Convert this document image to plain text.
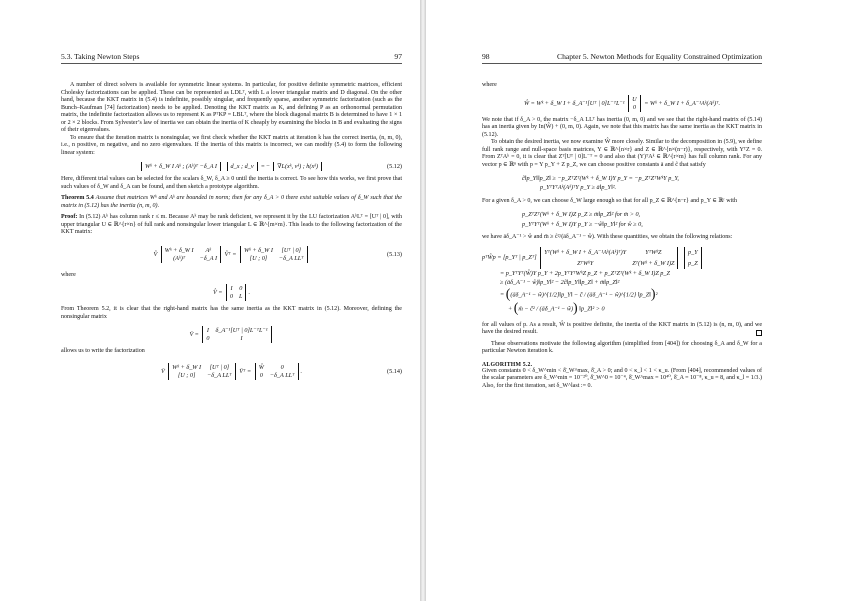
5.3. Taking Newton Steps	97

A number of direct solvers is available for symmetric linear systems. In particular, for positive definite symmetric matrices, efficient Cholesky factorizations can be applied. These can be represented as LDLᵀ, with L a lower triangular matrix and D diagonal. On the other hand, because the KKT matrix in (5.4) is indefinite, possibly singular, and frequently sparse, another symmetric factorization (such as the Bunch–Kaufman [74] factorization) needs to be applied. Denoting the KKT matrix as K, and defining P as an orthonormal permutation matrix, the indefinite factorization allows us to represent K as PᵀKP = LBLᵀ, where the block diagonal matrix B is determined to have 1 × 1 or 2 × 2 blocks. From Sylvester’s law of inertia we can obtain the inertia of K cheaply by examining the blocks in B and evaluating the signs of their eigenvalues.

To ensure that the iteration matrix is nonsingular, we first check whether the KKT matrix at iteration k has the correct inertia, (n, m, 0), i.e., n positive, m negative, and no zero eigenvalues. If the inertia of this matrix is incorrect, we can modify (5.4) to form the following linear system:

Wᵏ + δ_W I Aᵏ ; (Aᵏ)ᵀ −δ_A I d_x ; d_ν = − ∇L(xᵏ, νᵏ) ; h(xᵏ)	(5.12)

Here, different trial values can be selected for the scalars δ_W, δ_A ≥ 0 until the inertia is correct. To see how this works, we first prove that such values of δ_W and δ_A can be found, and then sketch a prototype algorithm.

Theorem 5.4 Assume that matrices Wᵏ and Aᵏ are bounded in norm; then for any δ_A > 0 there exist suitable values of δ_W such that the matrix in (5.12) has the inertia (n, m, 0).

Proof: In (5.12) Aᵏ has column rank r ≤ m. Because Aᵏ may be rank deficient, we represent it by the LU factorization AᵏLᵀ = [Uᵀ | 0], with upper triangular U ∈ ℝ^{r×n} of full rank and nonsingular lower triangular L ∈ ℝ^{m×m}. This leads to the following factorization of the KKT matrix:

V̂
Wᵏ + δ_W I	Aᵏ
(Aᵏ)ᵀ	−δ_A I
V̂ᵀ =
Wᵏ + δ_W I	[Uᵀ | 0]
[U ; 0]	−δ_A LLᵀ
(5.13)

where

V̂ =
I 0
0 L
.

From Theorem 5.2, it is clear that the right-hand matrix has the same inertia as the KKT matrix in (5.12). Moreover, defining the nonsingular matrix

V̄ =
I δ_A⁻¹[Uᵀ | 0]L⁻ᵀL⁻¹
0	I

allows us to write the factorization

V̄
Wᵏ + δ_W I	[Uᵀ | 0]
[U ; 0]	−δ_A LLᵀ
V̄ᵀ =
Ŵ	0
0 −δ_A LLᵀ
.	(5.14)
98	Chapter 5. Newton Methods for Equality Constrained Optimization

where

Ŵ = Wᵏ + δ_W I + δ_A⁻¹[Uᵀ | 0]L⁻ᵀL⁻¹
U
0
= Wᵏ + δ_W I + δ_A⁻¹Aᵏ(Aᵏ)ᵀ.

We note that if δ_A > 0, the matrix −δ_A LLᵀ has inertia (0, m, 0) and we see that the right-hand matrix of (5.14) has an inertia given by In(Ŵ) + (0, m, 0). Again, we note that this matrix has the same inertia as the KKT matrix in (5.12).

To obtain the desired inertia, we now examine Ŵ more closely. Similar to the decomposition in (5.9), we define full rank range and null-space basis matrices, Y ∈ ℝ^{n×r} and Z ∈ ℝ^{n×(n−r)}, respectively, with YᵀZ = 0. From ZᵀAᵏ = 0, it is clear that Zᵀ[Uᵀ | 0]L⁻ᵀ = 0 and also that (Y)ᵀAᵏ ∈ ℝ^{r×m} has full column rank. For any vector p ∈ ℝⁿ with p = Y p_Y + Z p_Z, we can choose positive constants ā and c̃ that satisfy

c̃‖p_Y‖‖p_Z‖ ≥ −p_ZᵀZᵀ(Wᵏ + δ_W I)Y p_Y = −p_ZᵀZᵀWᵏY p_Y,
p_YᵀYᵀAᵏ(Aᵏ)ᵀY p_Y ≥ ā‖p_Y‖².

For a given δ_A > 0, we can choose δ_W large enough so that for all p_Z ∈ ℝ^{n−r} and p_Y ∈ ℝʳ with

p_ZᵀZᵀ(Wᵏ + δ_W I)Z p_Z ≥ m̄‖p_Z‖² for m̄ > 0,
p_YᵀYᵀ(Wᵏ + δ_W I)Y p_Y ≥ −ŵ‖p_Y‖² for ŵ ≥ 0,

we have āδ_A⁻¹ > ŵ and m̄ ≥ c̃²/(āδ_A⁻¹ − ŵ). With these quantities, we obtain the following relations:

pᵀŴp = [p_Yᵀ | p_Zᵀ]
Yᵀ(Wᵏ + δ_W I + δ_A⁻¹Aᵏ(Aᵏ)ᵀ)Y	YᵀWᵏZ
ZᵀWᵏY	Zᵀ(Wᵏ + δ_W I)Z

p_Y
p_Z
= p_YᵀYᵀ(Ŵ)Y p_Y + 2p_YᵀYᵀWᵏZ p_Z + p_ZᵀZᵀ(Wᵏ + δ_W I)Z p_Z
≥ (āδ_A⁻¹ − ŵ)‖p_Y‖² − 2c̃‖p_Y‖‖p_Z‖ + m̄‖p_Z‖²
= ((āδ_A⁻¹ − ŵ)^{1/2}‖p_Y‖ − c̃ / (āδ_A⁻¹ − ŵ)^{1/2} ‖p_Z‖)²
+ (m̄ − c̃² / (āδ_A⁻¹ − ŵ)) ‖p_Z‖² > 0

for all values of p. As a result, Ŵ is positive definite, the inertia of the KKT matrix in (5.12) is (n, m, 0), and we have the desired result.

These observations motivate the following algorithm (simplified from [404]) for choosing δ_A and δ_W for a particular Newton iteration k.

ALGORITHM 5.2.

Given constants 0 < δ_W^min < δ̄_W^max, δ̄_A > 0; and 0 < κ_l < 1 < κ_u. (From [404], recommended values of the scalar parameters are δ_W^min = 10⁻²⁰, δ̄_W^0 = 10⁻⁴, δ̄_W^max = 10⁴⁰, δ̄_A = 10⁻⁸, κ_u = 8, and κ_l = 1/3.) Also, for the first iteration, set δ_W^last := 0.
